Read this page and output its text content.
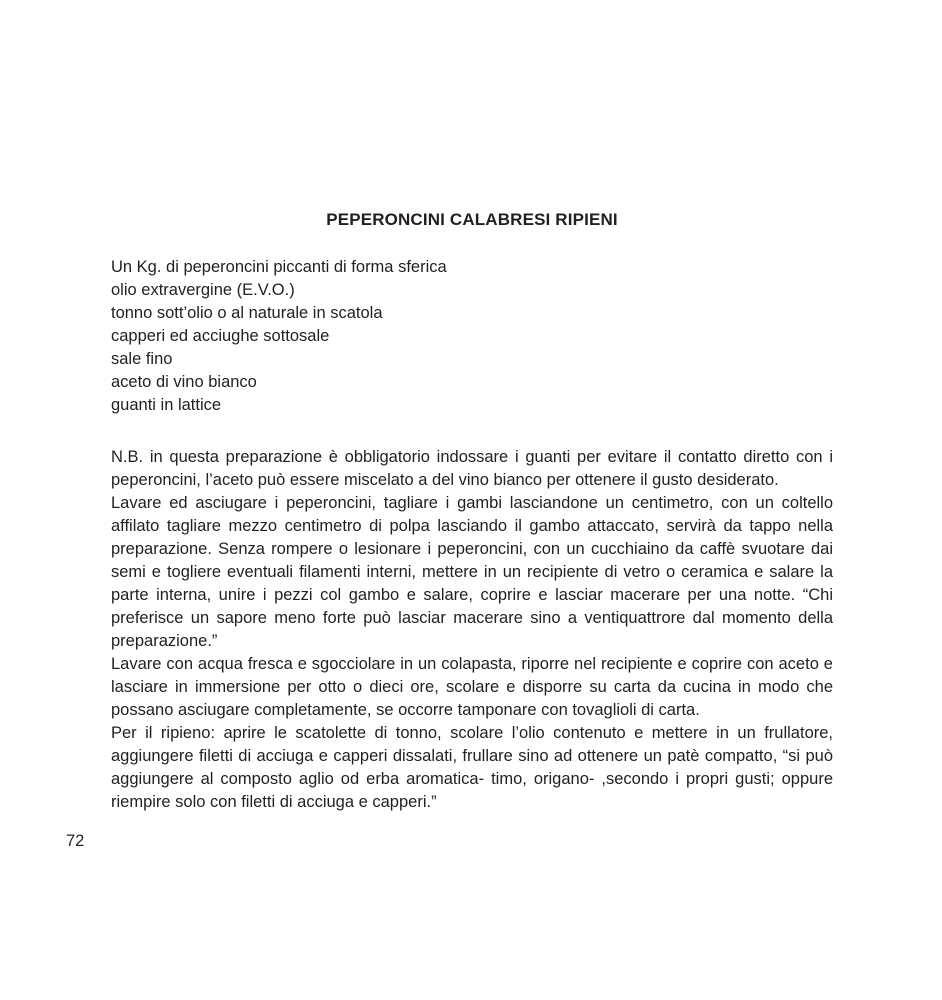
PEPERONCINI CALABRESI RIPIENI
Un Kg. di peperoncini piccanti di forma sferica
olio extravergine (E.V.O.)
tonno sott’olio o al naturale in scatola
capperi ed acciughe sottosale
sale fino
aceto di vino bianco
guanti in lattice

N.B. in questa preparazione è obbligatorio indossare i guanti per evitare il contatto diretto con i peperoncini, l’aceto può essere miscelato a del vino bianco per ottenere il gusto desiderato.

Lavare ed asciugare i peperoncini, tagliare i gambi lasciandone un centimetro, con un coltello affilato tagliare mezzo centimetro di polpa lasciando il gambo attaccato, servirà da tappo nella preparazione. Senza rompere o lesionare i peperoncini, con un cucchiaino da caffè svuotare dai semi e togliere eventuali filamenti interni, mettere in un recipiente di vetro o ceramica e salare la parte interna, unire i pezzi col gambo e salare, coprire e lasciar macerare per una notte. “Chi preferisce un sapore meno forte può lasciar macerare sino a ventiquattrore dal momento della preparazione.”

Lavare con acqua fresca e sgocciolare in un colapasta, riporre nel recipiente e coprire con aceto e lasciare in immersione per otto o dieci ore, scolare e disporre su carta da cucina in modo che possano asciugare completamente, se occorre tamponare con tovaglioli di carta.

Per il ripieno: aprire le scatolette di tonno, scolare l’olio contenuto e mettere in un frullatore, aggiungere filetti di acciuga e capperi dissalati, frullare sino ad ottenere un patè compatto, “si può aggiungere al composto aglio od erba aromatica- timo, origano- ,secondo i propri gusti; oppure riempire solo con filetti di acciuga e capperi.”

72
